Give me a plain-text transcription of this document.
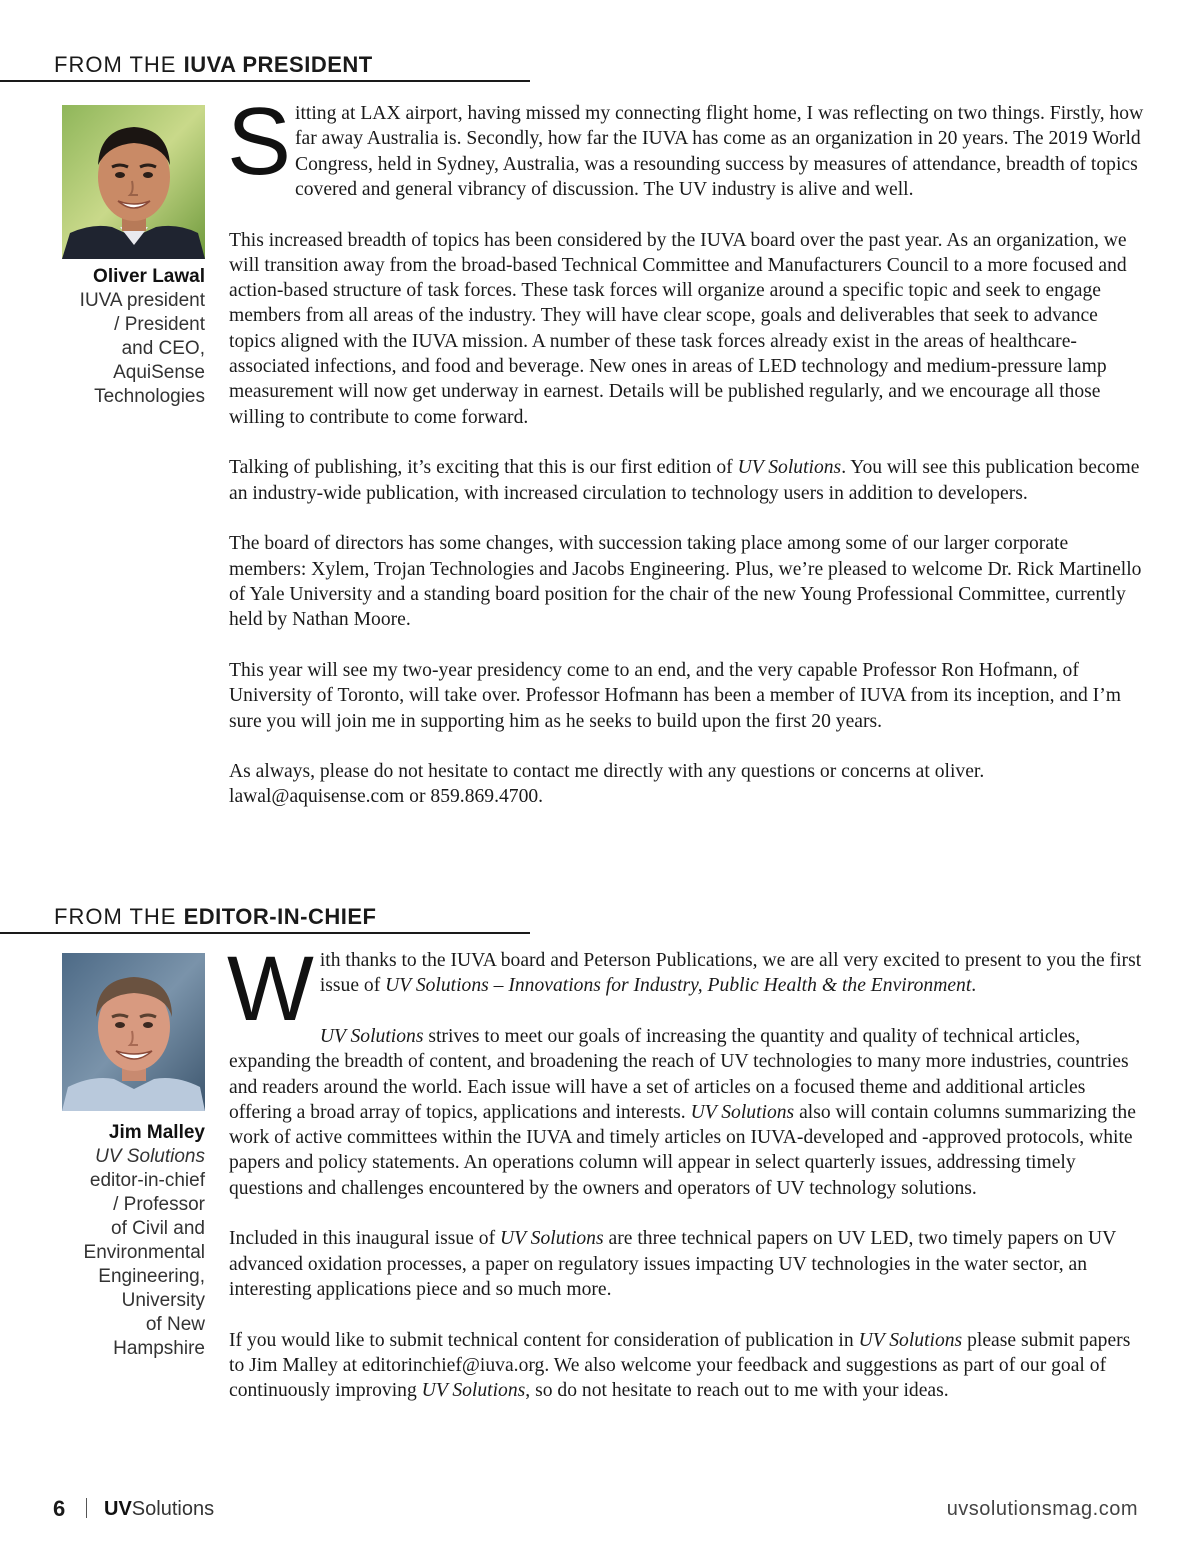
FROM THE IUVA PRESIDENT
Oliver Lawal
IUVA president
/ President
and CEO,
AquiSense
Technologies

Sitting at LAX airport, having missed my connecting flight home, I was reflecting on two things. Firstly, how far away Australia is. Secondly, how far the IUVA has come as an organization in 20 years. The 2019 World Congress, held in Sydney, Australia, was a resounding success by measures of attendance, breadth of topics covered and general vibrancy of discussion. The UV industry is alive and well.

This increased breadth of topics has been considered by the IUVA board over the past year. As an organization, we will transition away from the broad-based Technical Committee and Manufacturers Council to a more focused and action-based structure of task forces. These task forces will organize around a specific topic and seek to engage members from all areas of the industry. They will have clear scope, goals and deliverables that seek to advance topics aligned with the IUVA mission. A number of these task forces already exist in the areas of healthcare-associated infections, and food and beverage. New ones in areas of LED technology and medium-pressure lamp measurement will now get underway in earnest. Details will be published regularly, and we encourage all those willing to contribute to come forward.

Talking of publishing, it’s exciting that this is our first edition of UV Solutions. You will see this publication become an industry-wide publication, with increased circulation to technology users in addition to developers.

The board of directors has some changes, with succession taking place among some of our larger corporate members: Xylem, Trojan Technologies and Jacobs Engineering. Plus, we’re pleased to welcome Dr. Rick Martinello of Yale University and a standing board position for the chair of the new Young Professional Committee, currently held by Nathan Moore.

This year will see my two-year presidency come to an end, and the very capable Professor Ron Hofmann, of University of Toronto, will take over. Professor Hofmann has been a member of IUVA from its inception, and I’m sure you will join me in supporting him as he seeks to build upon the first 20 years.

As always, please do not hesitate to contact me directly with any questions or concerns at oliver. lawal@aquisense.com or 859.869.4700.

FROM THE EDITOR-IN-CHIEF
Jim Malley
UV Solutions
editor-in-chief
/ Professor
of Civil and
Environmental
Engineering,
University
of New
Hampshire

With thanks to the IUVA board and Peterson Publications, we are all very excited to present to you the first issue of UV Solutions – Innovations for Industry, Public Health & the Environment.

UV Solutions strives to meet our goals of increasing the quantity and quality of technical articles, expanding the breadth of content, and broadening the reach of UV technologies to many more industries, countries and readers around the world. Each issue will have a set of articles on a focused theme and additional articles offering a broad array of topics, applications and interests. UV Solutions also will contain columns summarizing the work of active committees within the IUVA and timely articles on IUVA-developed and -approved protocols, white papers and policy statements. An operations column will appear in select quarterly issues, addressing timely questions and challenges encountered by the owners and operators of UV technology solutions.

Included in this inaugural issue of UV Solutions are three technical papers on UV LED, two timely papers on UV advanced oxidation processes, a paper on regulatory issues impacting UV technologies in the water sector, an interesting applications piece and so much more.

If you would like to submit technical content for consideration of publication in UV Solutions please submit papers to Jim Malley at editorinchief@iuva.org. We also welcome your feedback and suggestions as part of our goal of continuously improving UV Solutions, so do not hesitate to reach out to me with your ideas.

6 UVSolutions	uvsolutionsmag.com
